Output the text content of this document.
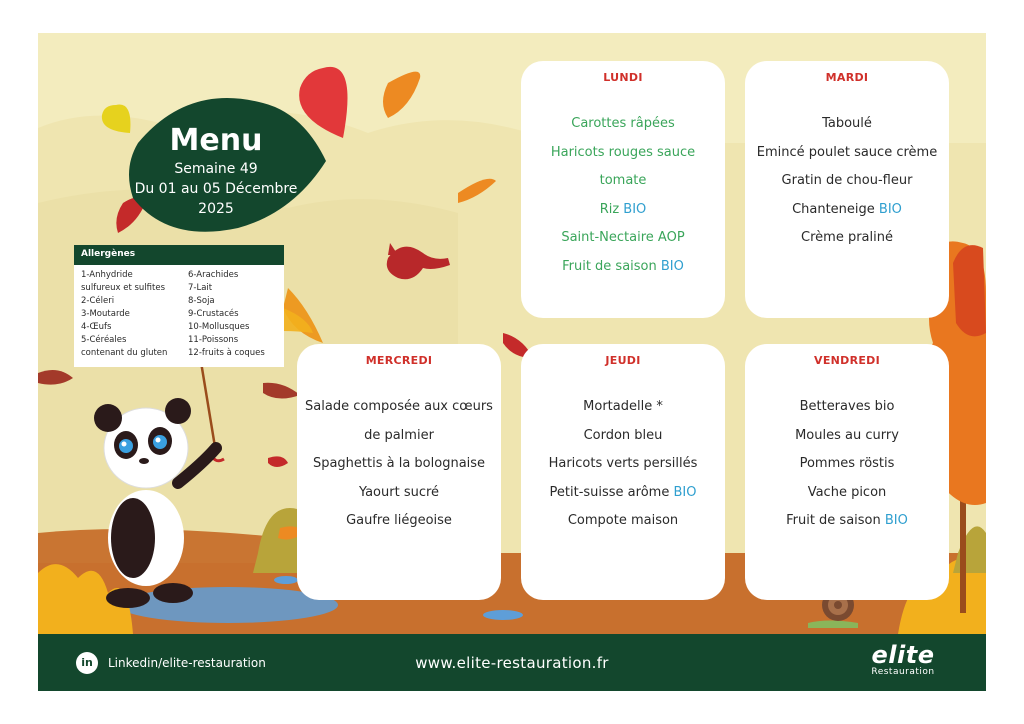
Menu
Semaine 49
Du 01 au 05 Décembre
2025
Allergènes
1-Anhydride
sulfureux et sulfites
2-Céleri
3-Moutarde
4-Œufs
5-Céréales
contenant du gluten
6-Arachides
7-Lait
8-Soja
9-Crustacés
10-Mollusques
11-Poissons
12-fruits à coques
LUNDI
Carottes râpées
Haricots rouges sauce
tomate
Riz BIO
Saint-Nectaire AOP
Fruit de saison BIO
MARDI
Taboulé
Emincé poulet sauce crème
Gratin de chou-fleur
Chanteneige BIO
Crème praliné
MERCREDI
Salade composée aux cœurs
de palmier
Spaghettis à la bolognaise
Yaourt sucré
Gaufre liégeoise
JEUDI
Mortadelle *
Cordon bleu
Haricots verts persillés
Petit-suisse arôme BIO
Compote maison
VENDREDI
Betteraves bio
Moules au curry
Pommes röstis
Vache picon
Fruit de saison BIO
in	Linkedin/elite-restauration	www.elite-restauration.fr	elite
Restauration
